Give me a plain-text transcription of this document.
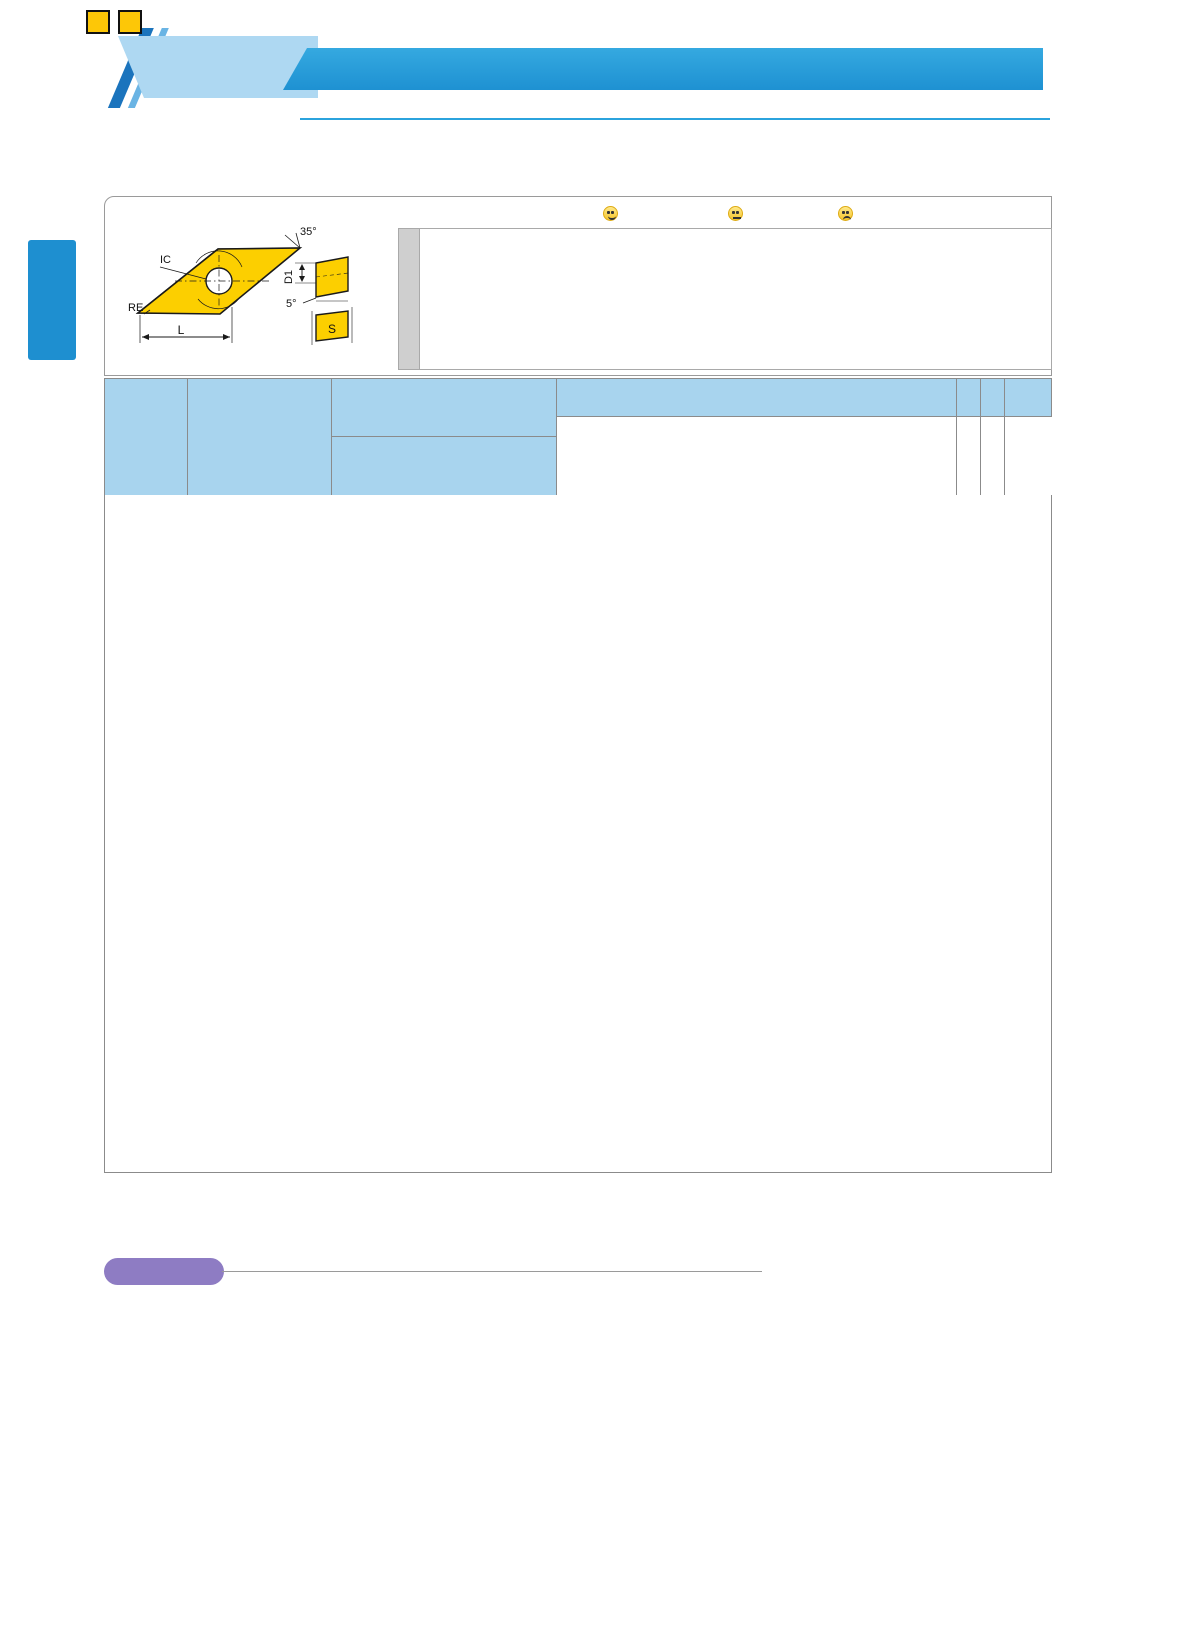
IC
RE
35°
L
D1
5°
S
